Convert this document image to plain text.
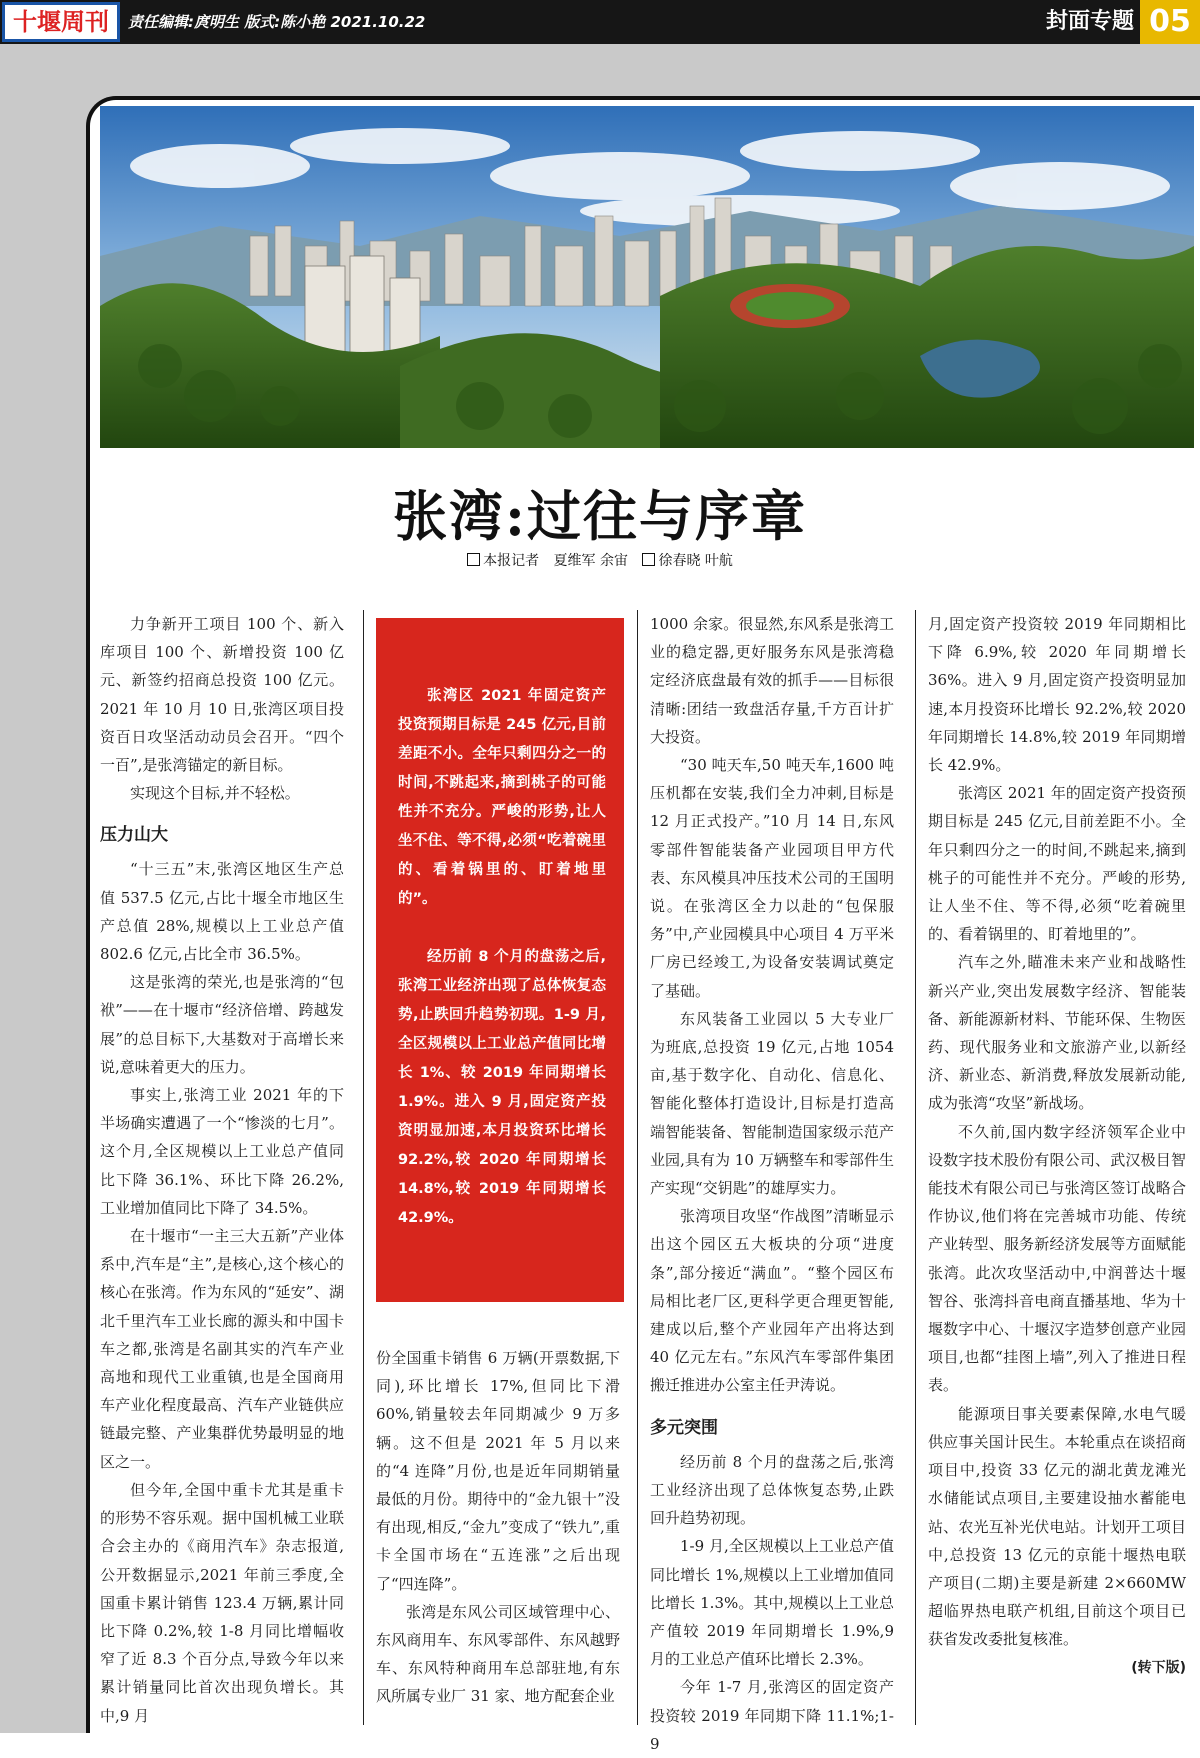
十堰周刊	责任编辑:庹明生 版式:陈小艳 2021.10.22	封面专题 05
张湾:过往与序章
本报记者 夏维军 余宙 徐春晓 叶航

力争新开工项目 100 个、新入库项目 100 个、新增投资 100 亿元、新签约招商总投资 100 亿元。2021 年 10 月 10 日,张湾区项目投资百日攻坚活动动员会召开。“四个一百”,是张湾锚定的新目标。

实现这个目标,并不轻松。

压力山大

“十三五”末,张湾区地区生产总值 537.5 亿元,占比十堰全市地区生产总值 28%,规模以上工业总产值 802.6 亿元,占比全市 36.5%。

这是张湾的荣光,也是张湾的“包袱”——在十堰市“经济倍增、跨越发展”的总目标下,大基数对于高增长来说,意味着更大的压力。

事实上,张湾工业 2021 年的下半场确实遭遇了一个“惨淡的七月”。这个月,全区规模以上工业总产值同比下降 36.1%、环比下降 26.2%,工业增加值同比下降了 34.5%。

在十堰市“一主三大五新”产业体系中,汽车是“主”,是核心,这个核心的核心在张湾。作为东风的“延安”、湖北千里汽车工业长廊的源头和中国卡车之都,张湾是名副其实的汽车产业高地和现代工业重镇,也是全国商用车产业化程度最高、汽车产业链供应链最完整、产业集群优势最明显的地区之一。

但今年,全国中重卡尤其是重卡的形势不容乐观。据中国机械工业联合会主办的《商用汽车》杂志报道,公开数据显示,2021 年前三季度,全国重卡累计销售 123.4 万辆,累计同比下降 0.2%,较 1-8 月同比增幅收窄了近 8.3 个百分点,导致今年以来累计销量同比首次出现负增长。其中,9 月

张湾区 2021 年固定资产投资预期目标是 245 亿元,目前差距不小。全年只剩四分之一的时间,不跳起来,摘到桃子的可能性并不充分。严峻的形势,让人坐不住、等不得,必须“吃着碗里的、看着锅里的、盯着地里的”。

经历前 8 个月的盘荡之后,张湾工业经济出现了总体恢复态势,止跌回升趋势初现。1-9 月,全区规模以上工业总产值同比增长 1%、较 2019 年同期增长 1.9%。进入 9 月,固定资产投资明显加速,本月投资环比增长 92.2%,较 2020 年同期增长 14.8%,较 2019 年同期增长 42.9%。

份全国重卡销售 6 万辆(开票数据,下同),环比增长 17%,但同比下滑 60%,销量较去年同期减少 9 万多辆。这不但是 2021 年 5 月以来的“4 连降”月份,也是近年同期销量最低的月份。期待中的“金九银十”没有出现,相反,“金九”变成了“铁九”,重卡全国市场在“五连涨”之后出现了“四连降”。

张湾是东风公司区域管理中心、东风商用车、东风零部件、东风越野车、东风特种商用车总部驻地,有东风所属专业厂 31 家、地方配套企业

1000 余家。很显然,东风系是张湾工业的稳定器,更好服务东风是张湾稳定经济底盘最有效的抓手——目标很清晰:团结一致盘活存量,千方百计扩大投资。

“30 吨天车,50 吨天车,1600 吨压机都在安装,我们全力冲刺,目标是 12 月正式投产。”10 月 14 日,东风零部件智能装备产业园项目甲方代表、东风模具冲压技术公司的王国明说。在张湾区全力以赴的“包保服务”中,产业园模具中心项目 4 万平米厂房已经竣工,为设备安装调试奠定了基础。

东风装备工业园以 5 大专业厂为班底,总投资 19 亿元,占地 1054 亩,基于数字化、自动化、信息化、智能化整体打造设计,目标是打造高端智能装备、智能制造国家级示范产业园,具有为 10 万辆整车和零部件生产实现“交钥匙”的雄厚实力。

张湾项目攻坚“作战图”清晰显示出这个园区五大板块的分项“进度条”,部分接近“满血”。“整个园区布局相比老厂区,更科学更合理更智能,建成以后,整个产业园年产出将达到 40 亿元左右。”东风汽车零部件集团搬迁推进办公室主任尹涛说。

多元突围

经历前 8 个月的盘荡之后,张湾工业经济出现了总体恢复态势,止跌回升趋势初现。

1-9 月,全区规模以上工业总产值同比增长 1%,规模以上工业增加值同比增长 1.3%。其中,规模以上工业总产值较 2019 年同期增长 1.9%,9 月的工业总产值环比增长 2.3%。

今年 1-7 月,张湾区的固定资产投资较 2019 年同期下降 11.1%;1-9

月,固定资产投资较 2019 年同期相比下降 6.9%,较 2020 年同期增长 36%。进入 9 月,固定资产投资明显加速,本月投资环比增长 92.2%,较 2020 年同期增长 14.8%,较 2019 年同期增长 42.9%。

张湾区 2021 年的固定资产投资预期目标是 245 亿元,目前差距不小。全年只剩四分之一的时间,不跳起来,摘到桃子的可能性并不充分。严峻的形势,让人坐不住、等不得,必须“吃着碗里的、看着锅里的、盯着地里的”。

汽车之外,瞄准未来产业和战略性新兴产业,突出发展数字经济、智能装备、新能源新材料、节能环保、生物医药、现代服务业和文旅游产业,以新经济、新业态、新消费,释放发展新动能,成为张湾“攻坚”新战场。

不久前,国内数字经济领军企业中设数字技术股份有限公司、武汉极目智能技术有限公司已与张湾区签订战略合作协议,他们将在完善城市功能、传统产业转型、服务新经济发展等方面赋能张湾。此次攻坚活动中,中润普达十堰智谷、张湾抖音电商直播基地、华为十堰数字中心、十堰汉字造梦创意产业园项目,也都“挂图上墙”,列入了推进日程表。

能源项目事关要素保障,水电气暖供应事关国计民生。本轮重点在谈招商项目中,投资 33 亿元的湖北黄龙滩光水储能试点项目,主要建设抽水蓄能电站、农光互补光伏电站。计划开工项目中,总投资 13 亿元的京能十堰热电联产项目(二期)主要是新建 2×660MW 超临界热电联产机组,目前这个项目已获省发改委批复核准。

(转下版)
